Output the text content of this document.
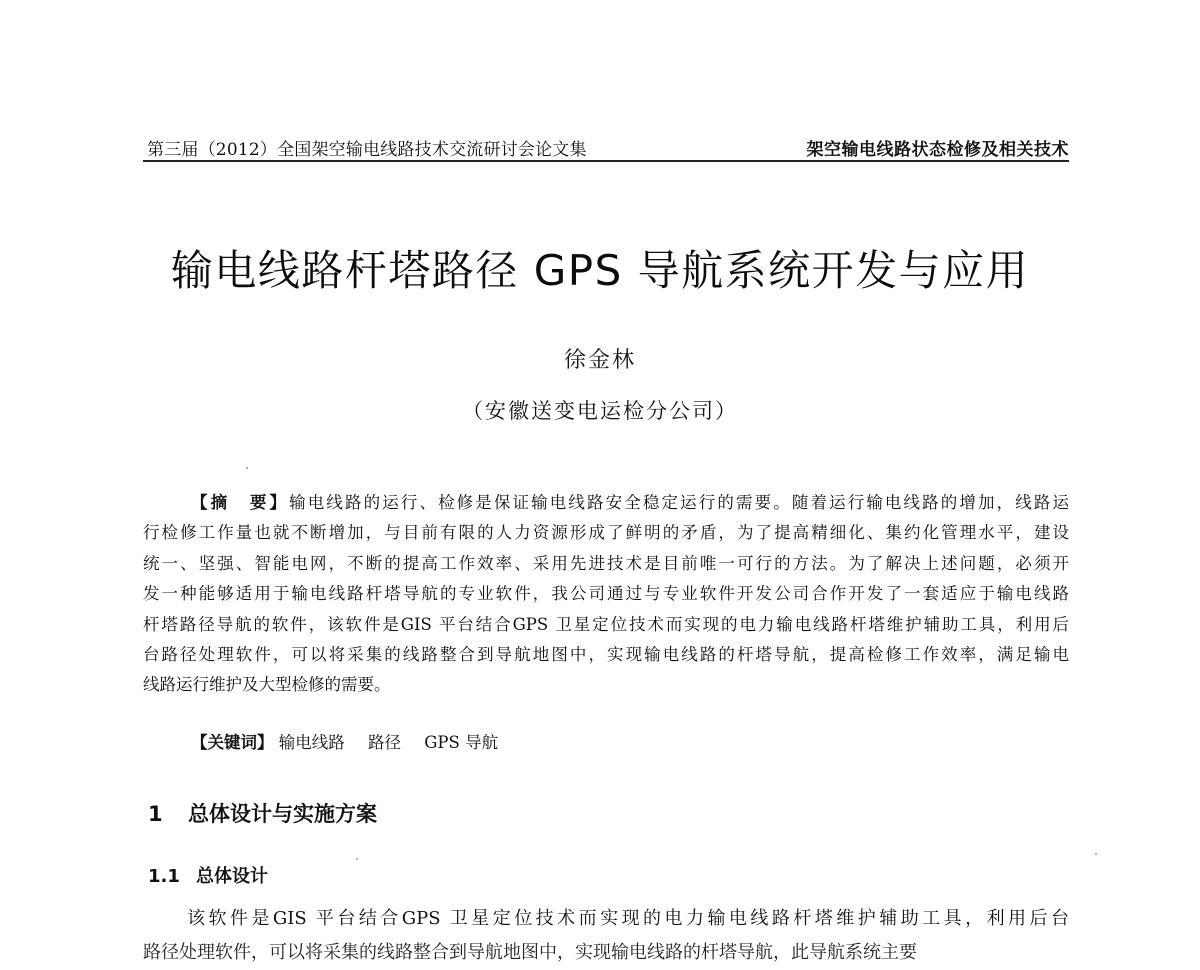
第三届（2012）全国架空输电线路技术交流研讨会论文集	架空输电线路状态检修及相关技术
输电线路杆塔路径 GPS 导航系统开发与应用
徐金林
（安徽送变电运检分公司）
【摘　要】输电线路的运行、检修是保证输电线路安全稳定运行的需要。随着运行输电线路的增加，线路运
行检修工作量也就不断增加，与目前有限的人力资源形成了鲜明的矛盾，为了提高精细化、集约化管理水平，建设
统一、坚强、智能电网，不断的提高工作效率、采用先进技术是目前唯一可行的方法。为了解决上述问题，必须开
发一种能够适用于输电线路杆塔导航的专业软件，我公司通过与专业软件开发公司合作开发了一套适应于输电线路
杆塔路径导航的软件，该软件是GIS 平台结合GPS 卫星定位技术而实现的电力输电线路杆塔维护辅助工具，利用后
台路径处理软件，可以将采集的线路整合到导航地图中，实现输电线路的杆塔导航，提高检修工作效率，满足输电
线路运行维护及大型检修的需要。
【关键词】 输电线路 路径 GPS 导航
1 总体设计与实施方案
1.1 总体设计
该软件是GIS 平台结合GPS 卫星定位技术而实现的电力输电线路杆塔维护辅助工具，利用后台
路径处理软件，可以将采集的线路整合到导航地图中，实现输电线路的杆塔导航，此导航系统主要
